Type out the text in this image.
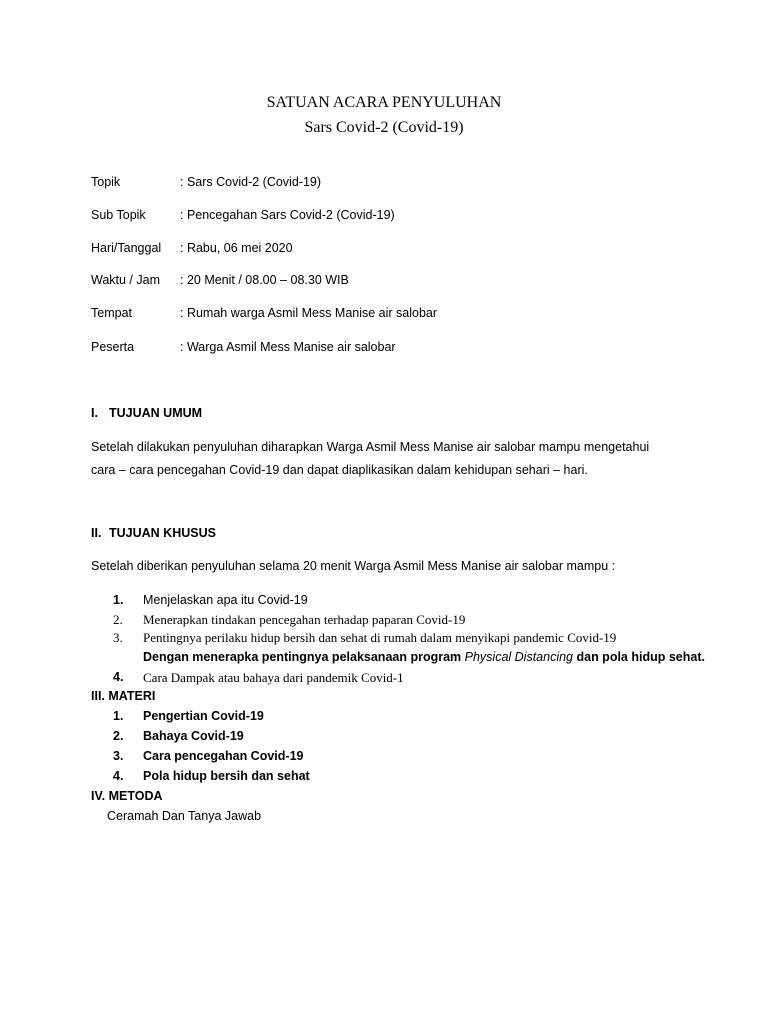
SATUAN ACARA PENYULUHAN
Sars Covid-2 (Covid-19)
Topik	: Sars Covid-2 (Covid-19)
Sub Topik	: Pencegahan Sars Covid-2 (Covid-19)
Hari/Tanggal : Rabu, 06 mei 2020
Waktu / Jam : 20 Menit / 08.00 – 08.30 WIB
Tempat	: Rumah warga Asmil Mess Manise air salobar
Peserta	: Warga Asmil Mess Manise air salobar
I. TUJUAN UMUM
Setelah dilakukan penyuluhan diharapkan Warga Asmil Mess Manise air salobar mampu mengetahui
cara – cara pencegahan Covid-19 dan dapat diaplikasikan dalam kehidupan sehari – hari.
II. TUJUAN KHUSUS
Setelah diberikan penyuluhan selama 20 menit Warga Asmil Mess Manise air salobar mampu :
1. Menjelaskan apa itu Covid-19
2. Menerapkan tindakan pencegahan terhadap paparan Covid-19
3. Pentingnya perilaku hidup bersih dan sehat di rumah dalam menyikapi pandemic Covid-19
Dengan menerapka pentingnya pelaksanaan program Physical Distancing dan pola hidup sehat.
4. Cara Dampak atau bahaya dari pandemik Covid-1
III. MATERI
1. Pengertian Covid-19
2. Bahaya Covid-19
3. Cara pencegahan Covid-19
4. Pola hidup bersih dan sehat
IV. METODA
Ceramah Dan Tanya Jawab
